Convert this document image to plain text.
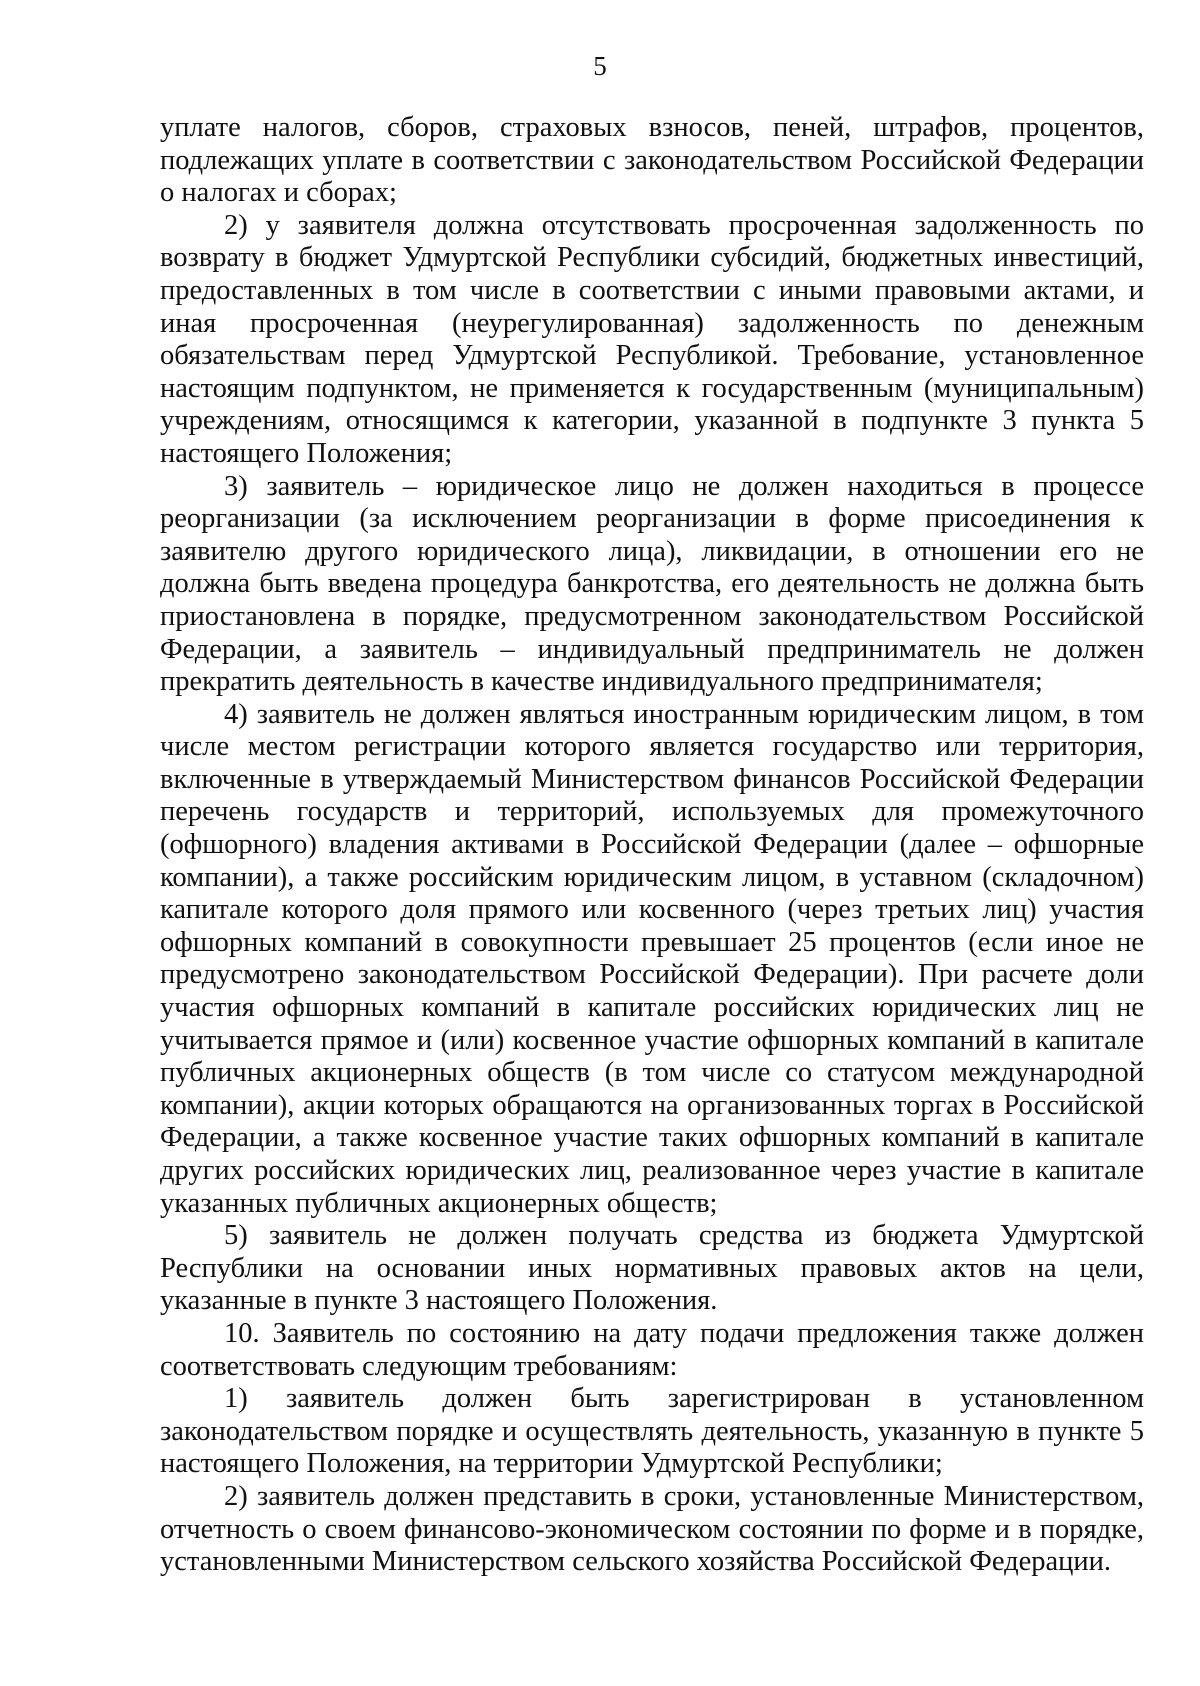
5

уплате налогов, сборов, страховых взносов, пеней, штрафов, процентов, подлежащих уплате в соответствии с законодательством Российской Федерации о налогах и сборах;

2) у заявителя должна отсутствовать просроченная задолженность по возврату в бюджет Удмуртской Республики субсидий, бюджетных инвестиций, предоставленных в том числе в соответствии с иными правовыми актами, и иная просроченная (неурегулированная) задолженность по денежным обязательствам перед Удмуртской Республикой. Требование, установленное настоящим подпунктом, не применяется к государственным (муниципальным) учреждениям, относящимся к категории, указанной в подпункте 3 пункта 5 настоящего Положения;

3) заявитель – юридическое лицо не должен находиться в процессе реорганизации (за исключением реорганизации в форме присоединения к заявителю другого юридического лица), ликвидации, в отношении его не должна быть введена процедура банкротства, его деятельность не должна быть приостановлена в порядке, предусмотренном законодательством Российской Федерации, а заявитель – индивидуальный предприниматель не должен прекратить деятельность в качестве индивидуального предпринимателя;

4) заявитель не должен являться иностранным юридическим лицом, в том числе местом регистрации которого является государство или территория, включенные в утверждаемый Министерством финансов Российской Федерации перечень государств и территорий, используемых для промежуточного (офшорного) владения активами в Российской Федерации (далее – офшорные компании), а также российским юридическим лицом, в уставном (складочном) капитале которого доля прямого или косвенного (через третьих лиц) участия офшорных компаний в совокупности превышает 25 процентов (если иное не предусмотрено законодательством Российской Федерации). При расчете доли участия офшорных компаний в капитале российских юридических лиц не учитывается прямое и (или) косвенное участие офшорных компаний в капитале публичных акционерных обществ (в том числе со статусом международной компании), акции которых обращаются на организованных торгах в Российской Федерации, а также косвенное участие таких офшорных компаний в капитале других российских юридических лиц, реализованное через участие в капитале указанных публичных акционерных обществ;

5) заявитель не должен получать средства из бюджета Удмуртской Республики на основании иных нормативных правовых актов на цели, указанные в пункте 3 настоящего Положения.

10. Заявитель по состоянию на дату подачи предложения также должен соответствовать следующим требованиям:

1) заявитель должен быть зарегистрирован в установленном законодательством порядке и осуществлять деятельность, указанную в пункте 5 настоящего Положения, на территории Удмуртской Республики;

2) заявитель должен представить в сроки, установленные Министерством, отчетность о своем финансово-экономическом состоянии по форме и в порядке, установленными Министерством сельского хозяйства Российской Федерации.
